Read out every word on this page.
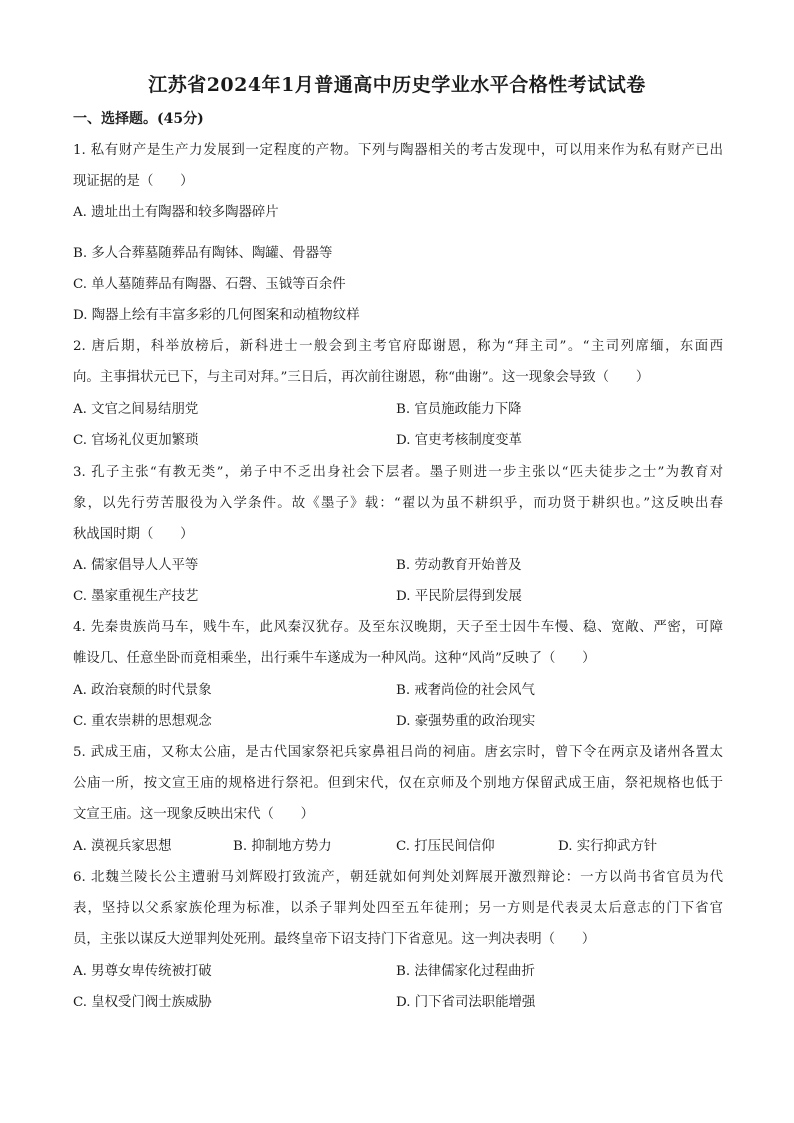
江苏省2024年1月普通高中历史学业水平合格性考试试卷
一、选择题。(45分)
1. 私有财产是生产力发展到一定程度的产物。下列与陶器相关的考古发现中，可以用来作为私有财产已出
现证据的是（　　）
A. 遗址出土有陶器和较多陶器碎片
B. 多人合葬墓随葬品有陶钵、陶罐、骨器等
C. 单人墓随葬品有陶器、石磬、玉钺等百余件
D. 陶器上绘有丰富多彩的几何图案和动植物纹样
2. 唐后期，科举放榜后，新科进士一般会到主考官府邸谢恩，称为“拜主司”。“主司列席缅，东面西
向。主事揖状元已下，与主司对拜。”三日后，再次前往谢恩，称“曲谢”。这一现象会导致（　　）
A. 文官之间易结朋党	B. 官员施政能力下降
C. 官场礼仪更加繁琐	D. 官吏考核制度变革
3. 孔子主张“有教无类”，弟子中不乏出身社会下层者。墨子则进一步主张以“匹夫徒步之士”为教育对
象，以先行劳苦服役为入学条件。故《墨子》载：“翟以为虽不耕织乎，而功贤于耕织也。”这反映出春
秋战国时期（　　）
A. 儒家倡导人人平等	B. 劳动教育开始普及
C. 墨家重视生产技艺	D. 平民阶层得到发展
4. 先秦贵族尚马车，贱牛车，此风秦汉犹存。及至东汉晚期，天子至士因牛车慢、稳、宽敞、严密，可障
帷设几、任意坐卧而竟相乘坐，出行乘牛车遂成为一种风尚。这种“风尚”反映了（　　）
A. 政治衰颓的时代景象	B. 戒奢尚俭的社会风气
C. 重农崇耕的思想观念	D. 豪强势重的政治现实
5. 武成王庙，又称太公庙，是古代国家祭祀兵家鼻祖吕尚的祠庙。唐玄宗时，曾下令在两京及诸州各置太
公庙一所，按文宣王庙的规格进行祭祀。但到宋代，仅在京师及个别地方保留武成王庙，祭祀规格也低于
文宣王庙。这一现象反映出宋代（　　）
A. 漠视兵家思想	B. 抑制地方势力	C. 打压民间信仰	D. 实行抑武方针
6. 北魏兰陵长公主遭驸马刘辉殴打致流产，朝廷就如何判处刘辉展开激烈辩论：一方以尚书省官员为代
表，坚持以父系家族伦理为标准，以杀子罪判处四至五年徒刑；另一方则是代表灵太后意志的门下省官
员，主张以谋反大逆罪判处死刑。最终皇帝下诏支持门下省意见。这一判决表明（　　）
A. 男尊女卑传统被打破	B. 法律儒家化过程曲折
C. 皇权受门阀士族威胁	D. 门下省司法职能增强
